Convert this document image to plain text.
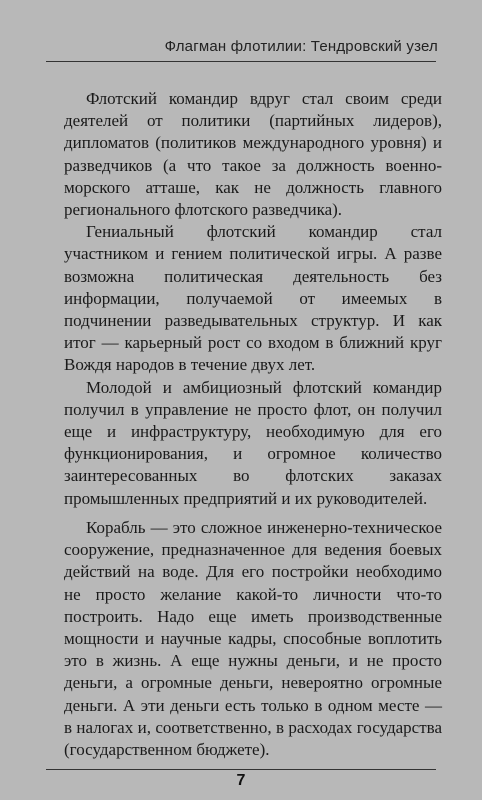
Флагман флотилии: Тендровский узел

Флотский командир вдруг стал своим среди деятелей от политики (партийных лидеров), дипломатов (политиков международного уровня) и разведчиков (а что такое за должность военно-морского атташе, как не должность главного регионального флотского разведчика).

Гениальный флотский командир стал участником и гением политической игры. А разве возможна политическая деятельность без информации, получаемой от имеемых в подчинении разведывательных структур. И как итог — карьерный рост со входом в ближний круг Вождя народов в течение двух лет.

Молодой и амбициозный флотский командир получил в управление не просто флот, он получил еще и инфраструктуру, необходимую для его функционирования, и огромное количество заинтересованных во флотских заказах промышленных предприятий и их руководителей.

Корабль — это сложное инженерно-техническое сооружение, предназначенное для ведения боевых действий на воде. Для его постройки необходимо не просто желание какой-то личности что-то построить. Надо еще иметь производственные мощности и научные кадры, способные воплотить это в жизнь. А еще нужны деньги, и не просто деньги, а огромные деньги, невероятно огромные деньги. А эти деньги есть только в одном месте — в налогах и, соответственно, в расходах государства (государственном бюджете).

7
